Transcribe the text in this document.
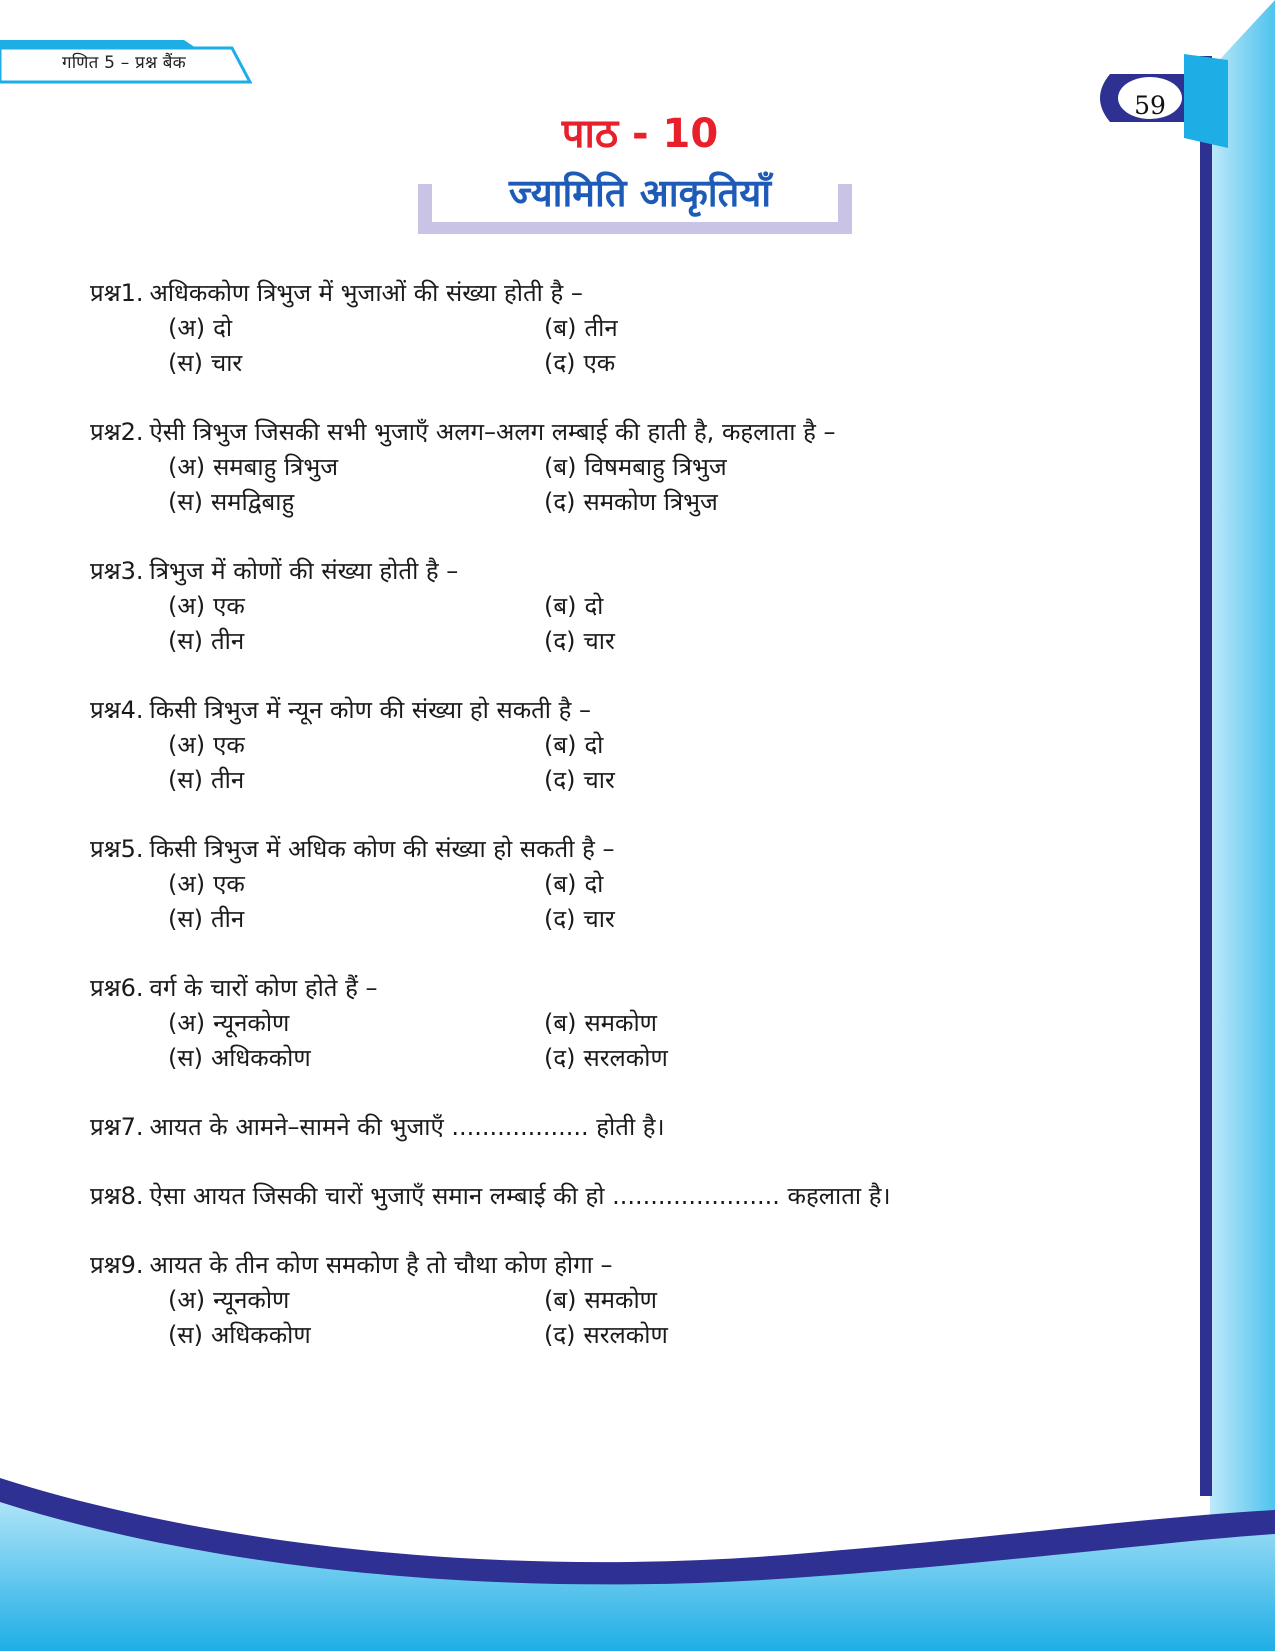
गणित 5 – प्रश्न बैंक
59
पाठ - 10
ज्यामिति आकृतियाँ
प्रश्न1. अधिककोण त्रिभुज में भुजाओं की संख्या होती है –
(अ) दो	(ब) तीन
(स) चार	(द) एक
प्रश्न2. ऐसी त्रिभुज जिसकी सभी भुजाएँ अलग–अलग लम्बाई की हाती है, कहलाता है –
(अ) समबाहु त्रिभुज	(ब) विषमबाहु त्रिभुज
(स) समद्विबाहु	(द) समकोण त्रिभुज
प्रश्न3. त्रिभुज में कोणों की संख्या होती है –
(अ) एक	(ब) दो
(स) तीन	(द) चार
प्रश्न4. किसी त्रिभुज में न्यून कोण की संख्या हो सकती है –
(अ) एक	(ब) दो
(स) तीन	(द) चार
प्रश्न5. किसी त्रिभुज में अधिक कोण की संख्या हो सकती है –
(अ) एक	(ब) दो
(स) तीन	(द) चार
प्रश्न6. वर्ग के चारों कोण होते हैं –
(अ) न्यूनकोण	(ब) समकोण
(स) अधिककोण	(द) सरलकोण
प्रश्न7. आयत के आमने–सामने की भुजाएँ .................. होती है।
प्रश्न8. ऐसा आयत जिसकी चारों भुजाएँ समान लम्बाई की हो ...................... कहलाता है।
प्रश्न9. आयत के तीन कोण समकोण है तो चौथा कोण होगा –
(अ) न्यूनकोण	(ब) समकोण
(स) अधिककोण	(द) सरलकोण
